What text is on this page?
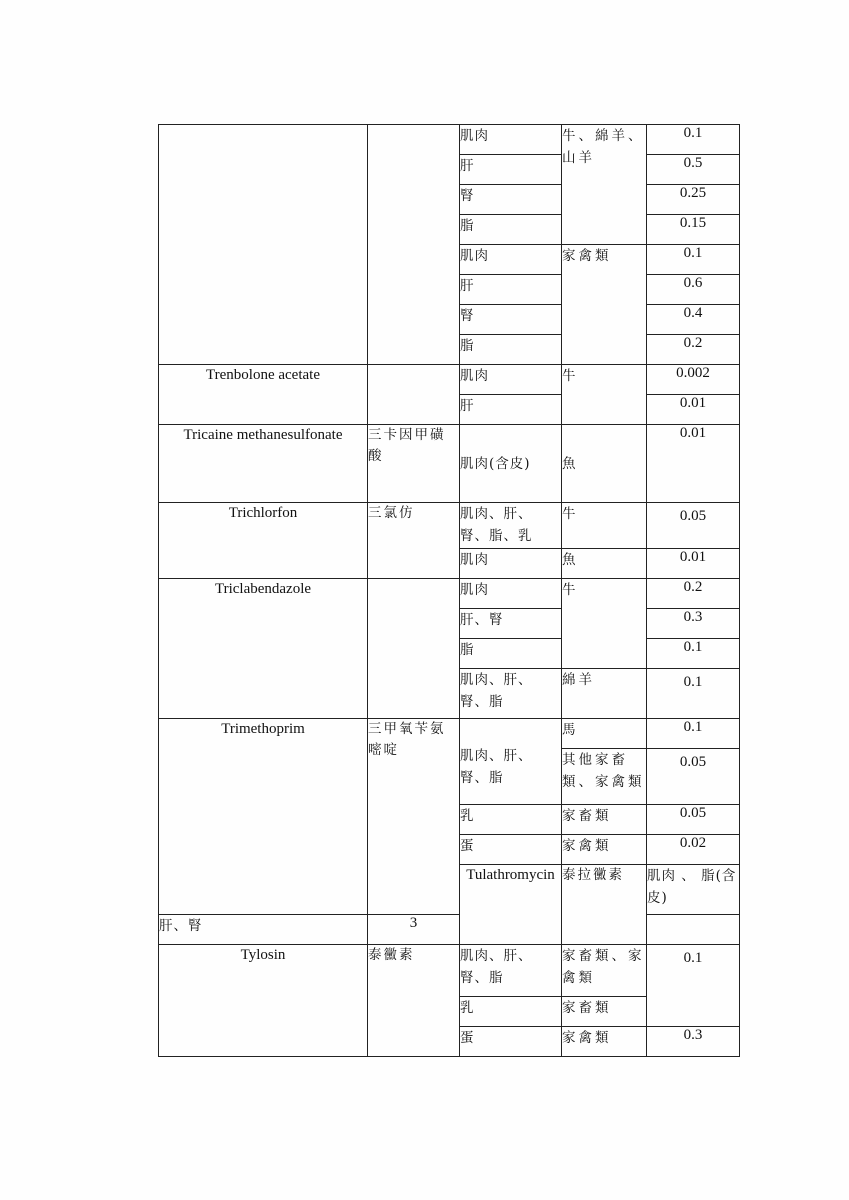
		肌肉	牛、綿羊、山羊	0.1	
		肝		0.5	
		腎		0.25	
		脂		0.15	
		肌肉	家禽類	0.1	
		肝		0.6	
		腎		0.4	
		脂		0.2	
Trenbolone acetate		肌肉	牛	0.002	
		肝		0.01	
Tricaine methanesulfonate	三卡因甲磺酸	肌肉(含皮)	魚	0.01	
Trichlorfon	三氯仿	肌肉、肝、腎、脂、乳	牛	0.05	
		肌肉	魚	0.01	
Triclabendazole		肌肉	牛	0.2	
		肝、腎		0.3	
		脂		0.1	
		肌肉、肝、腎、脂	綿羊	0.1	
Trimethoprim	三甲氧苄氨嘧啶	肌肉、肝、腎、脂	馬	0.1	
			其他家畜類、家禽類	0.05	
		乳	家畜類	0.05	
		蛋	家禽類	0.02	
		Tulathromycin	泰拉黴素	肌肉 、 脂(含皮)		
肝、腎	3				
Tylosin	泰黴素	肌肉、肝、腎、脂	家畜類、家禽類	0.1	
		乳	家畜類		
		蛋	家禽類	0.3	
